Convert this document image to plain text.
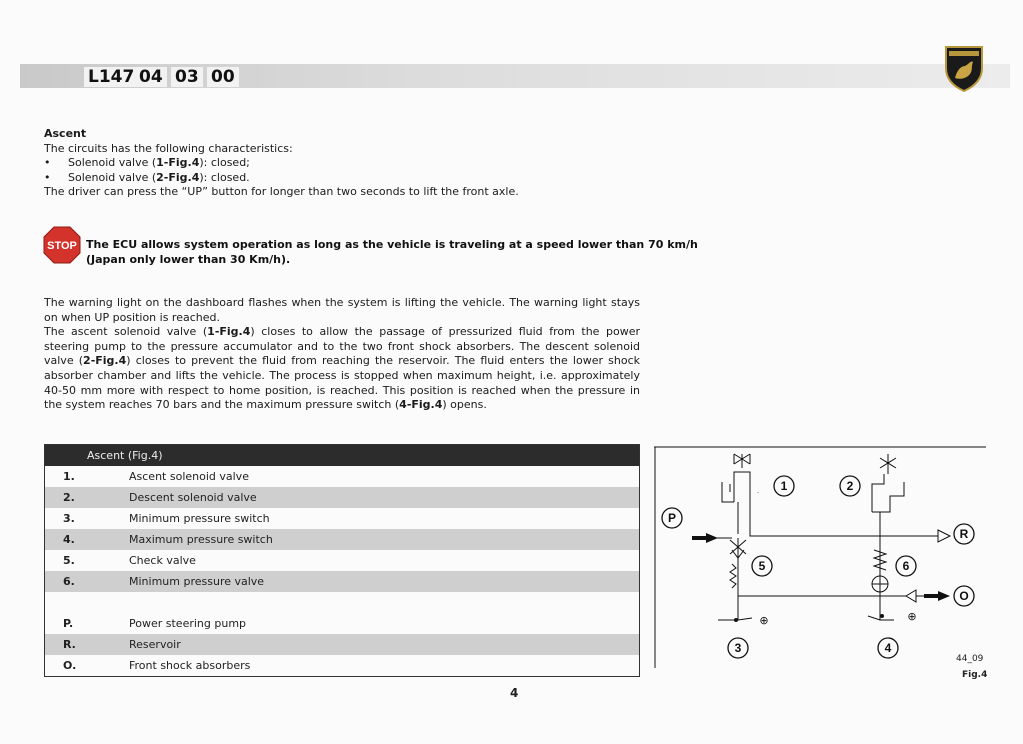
L147 04 03 00

Ascent

The circuits has the following characteristics:

• Solenoid valve (1-Fig.4): closed;

• Solenoid valve (2-Fig.4): closed.

The driver can press the “UP” button for longer than two seconds to lift the front axle.

STOP The ECU allows system operation as long as the vehicle is traveling at a speed lower than 70 km/h
(Japan only lower than 30 Km/h).

The warning light on the dashboard flashes when the system is lifting the vehicle. The warning light stays on when UP position is reached.

The ascent solenoid valve (1-Fig.4) closes to allow the passage of pressurized fluid from the power steering pump to the pressure accumulator and to the two front shock absorbers. The descent solenoid valve (2-Fig.4) closes to prevent the fluid from reaching the reservoir. The fluid enters the lower shock absorber chamber and lifts the vehicle. The process is stopped when maximum height, i.e. approximately 40-50 mm more with respect to home position, is reached. This position is reached when the pressure in the system reaches 70 bars and the maximum pressure switch (4-Fig.4) opens.

Ascent (Fig.4)	
1.	Ascent solenoid valve
2.	Descent solenoid valve
3.	Minimum pressure switch
4.	Maximum pressure switch
5.	Check valve
6.	Minimum pressure valve

P.	Power steering pump
R.	Reservoir
O.	Front shock absorbers
1	2
5	6
3	4
P
R
O
⊕	⊕
44_09
Fig.4
4
